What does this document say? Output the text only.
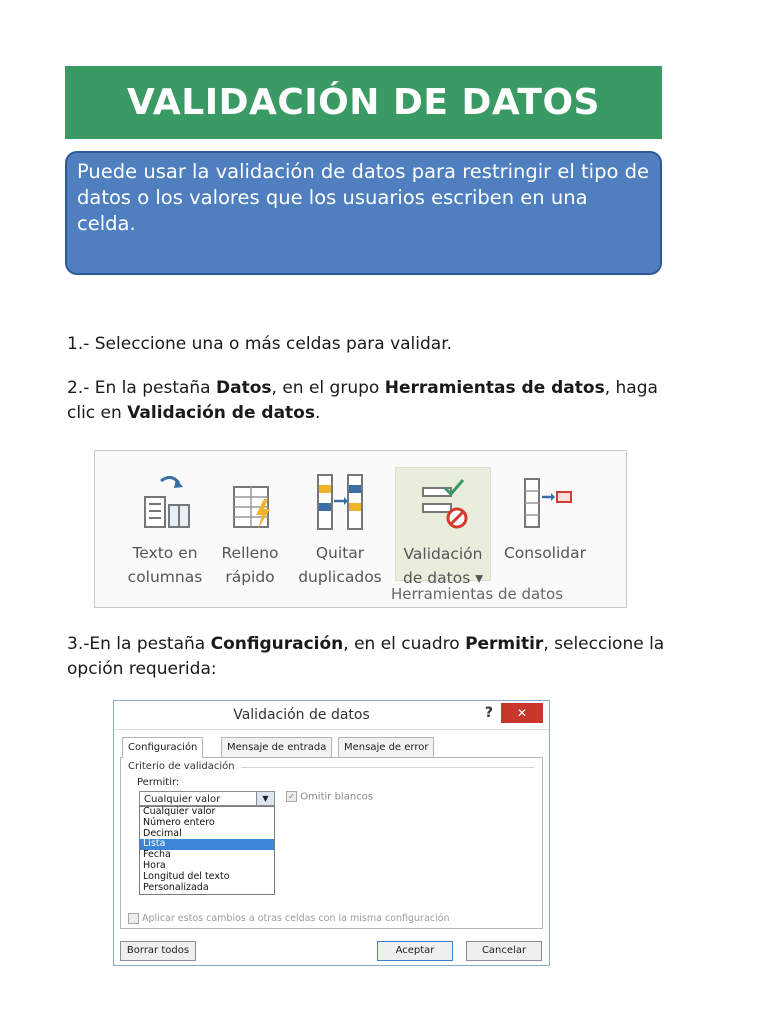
VALIDACIÓN DE DATOS

Puede usar la validación de datos para restringir el tipo de datos o los valores que los usuarios escriben en una celda.

1.- Seleccione una o más celdas para validar.

2.- En la pestaña Datos, en el grupo Herramientas de datos, haga clic en Validación de datos.

Texto en
columnas
Relleno
rápido
Quitar
duplicados
Validación
de datos ▾
Consolidar
Herramientas de datos

3.-En la pestaña Configuración, en el cuadro Permitir, seleccione la opción requerida:

Validación de datos	?	✕
Configuración	Mensaje de entrada	Mensaje de error
Criterio de validación
Permitir:
Cualquier valor	▼	✓ Omitir blancos
Cualquier valor
Número entero
Decimal
Lista
Fecha
Hora
Longitud del texto
Personalizada
Aplicar estos cambios a otras celdas con la misma configuración
Borrar todos	Aceptar	Cancelar
